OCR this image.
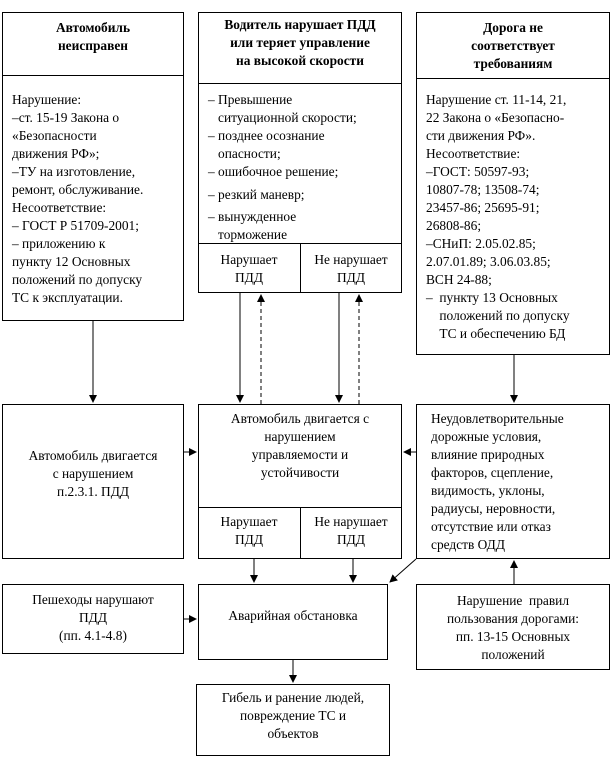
Автомобиль
неисправен
Нарушение:
–ст. 15-19 Закона о
«Безопасности
движения РФ»;
–ТУ на изготовление,
ремонт, обслуживание.
Несоответствие:
– ГОСТ Р 51709-2001;
– приложению к
пункту 12 Основных
положений по допуску
ТС к эксплуатации.
Водитель нарушает ПДД
или теряет управление
на высокой скорости
– Превышение
ситуационной скорости;
– позднее осознание
опасности;
– ошибочное решение;
– резкий маневр;
– вынужденное
торможение
Нарушает
ПДД
Не нарушает
ПДД
Дорога не
соответствует
требованиям
Нарушение ст. 11-14, 21,
22 Закона о «Безопасно-
сти движения РФ».
Несоответствие:
–ГОСТ: 50597-93;
10807-78; 13508-74;
23457-86; 25695-91;
26808-86;
–СНиП: 2.05.02.85;
2.07.01.89; 3.06.03.85;
ВСН 24-88;
–  пункту 13 Основных
положений по допуску
ТС и обеспечению БД
Автомобиль двигается
с нарушением
п.2.3.1. ПДД
Автомобиль двигается с
нарушением
управляемости и
устойчивости
Нарушает
ПДД
Не нарушает
ПДД
Неудовлетворительные
дорожные условия,
влияние природных
факторов, сцепление,
видимость, уклоны,
радиусы, неровности,
отсутствие или отказ
средств ОДД
Пешеходы нарушают
ПДД
(пп. 4.1-4.8)
Аварийная обстановка
Нарушение  правил
пользования дорогами:
пп. 13-15 Основных
положений
Гибель и ранение людей,
повреждение ТС и
объектов
